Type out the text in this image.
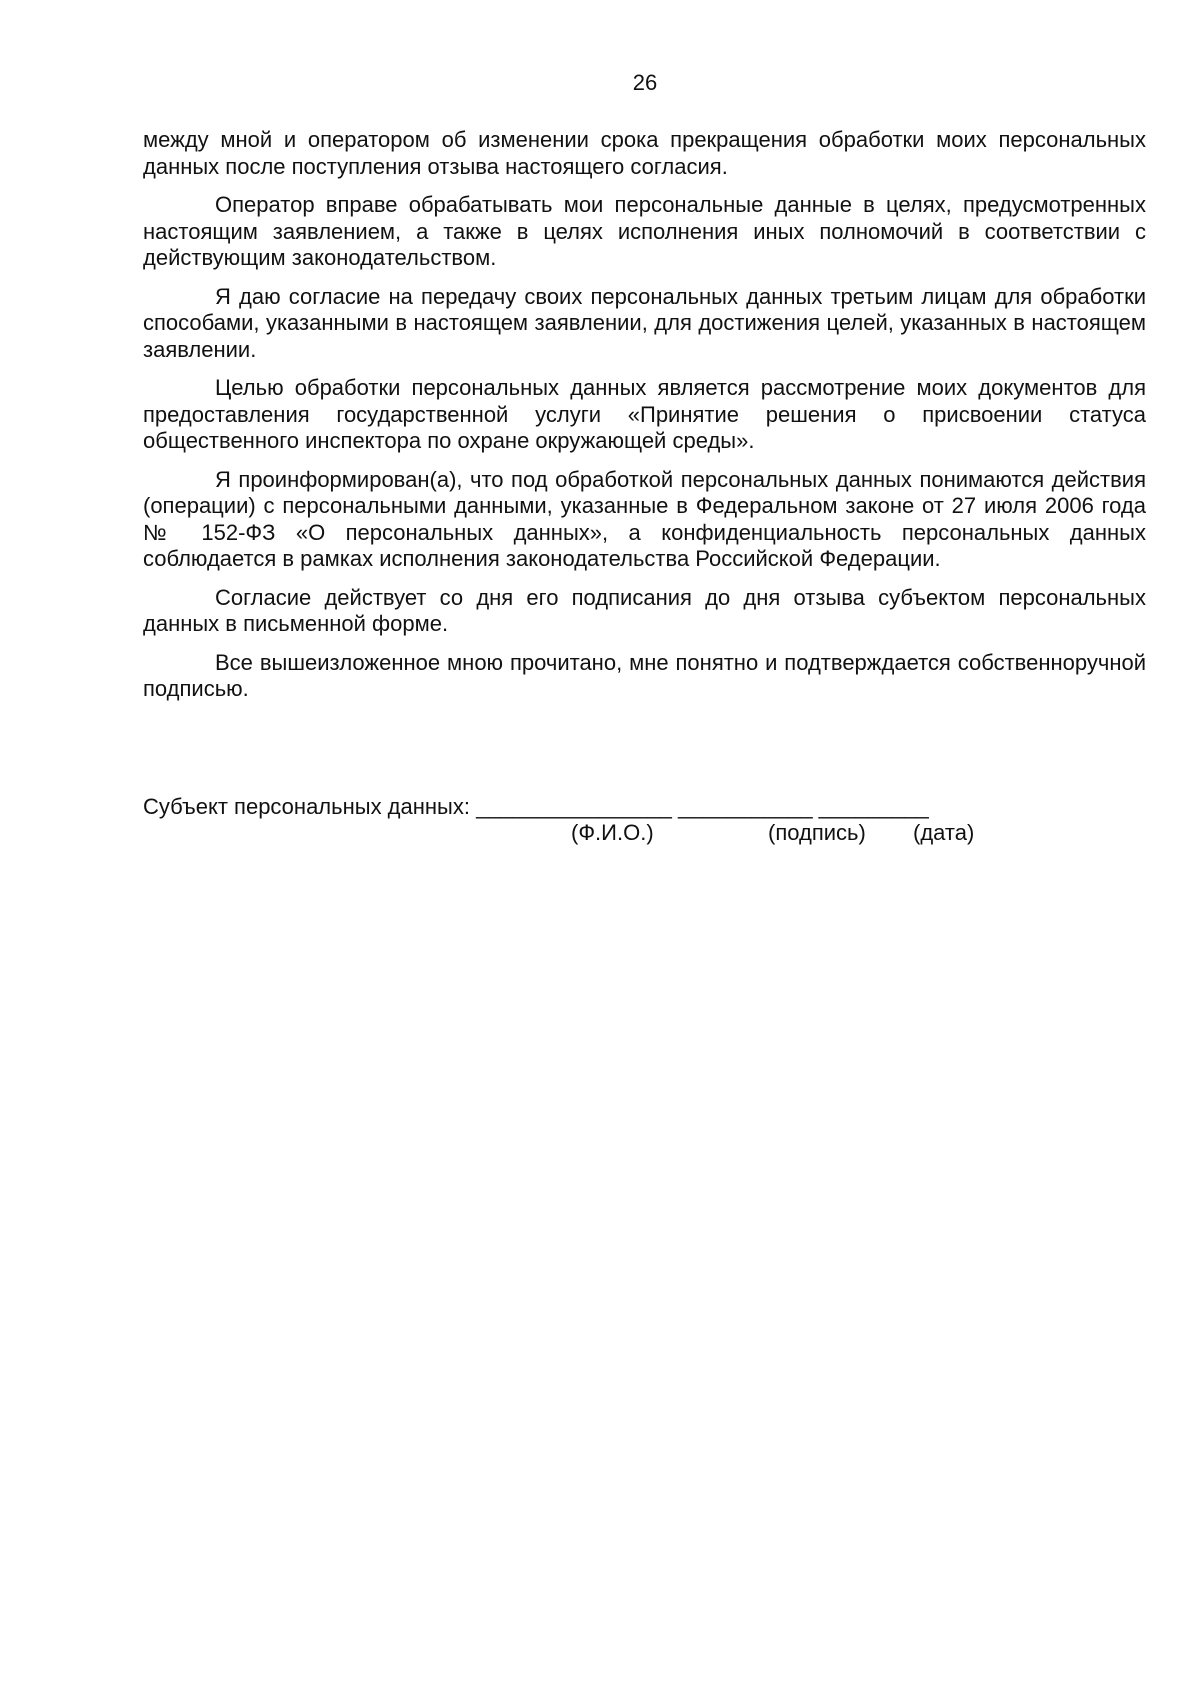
26

между мной и оператором об изменении срока прекращения обработки моих персональных данных после поступления отзыва настоящего согласия.

Оператор вправе обрабатывать мои персональные данные в целях, предусмотренных настоящим заявлением, а также в целях исполнения иных полномочий в соответствии с действующим законодательством.

Я даю согласие на передачу своих персональных данных третьим лицам для обработки способами, указанными в настоящем заявлении, для достижения целей, указанных в настоящем заявлении.

Целью обработки персональных данных является рассмотрение моих документов для предоставления государственной услуги «Принятие решения о присвоении статуса общественного инспектора по охране окружающей среды».

Я проинформирован(а), что под обработкой персональных данных понимаются действия (операции) с персональными данными, указанные в Федеральном законе от 27 июля 2006 года № 152-ФЗ «О персональных данных», а конфиденциальность персональных данных соблюдается в рамках исполнения законодательства Российской Федерации.

Согласие действует со дня его подписания до дня отзыва субъектом персональных данных в письменной форме.

Все вышеизложенное мною прочитано, мне понятно и подтверждается собственноручной подписью.

Субъект персональных данных: ________________ ___________ _________
(Ф.И.О.)	(подпись) (дата)
